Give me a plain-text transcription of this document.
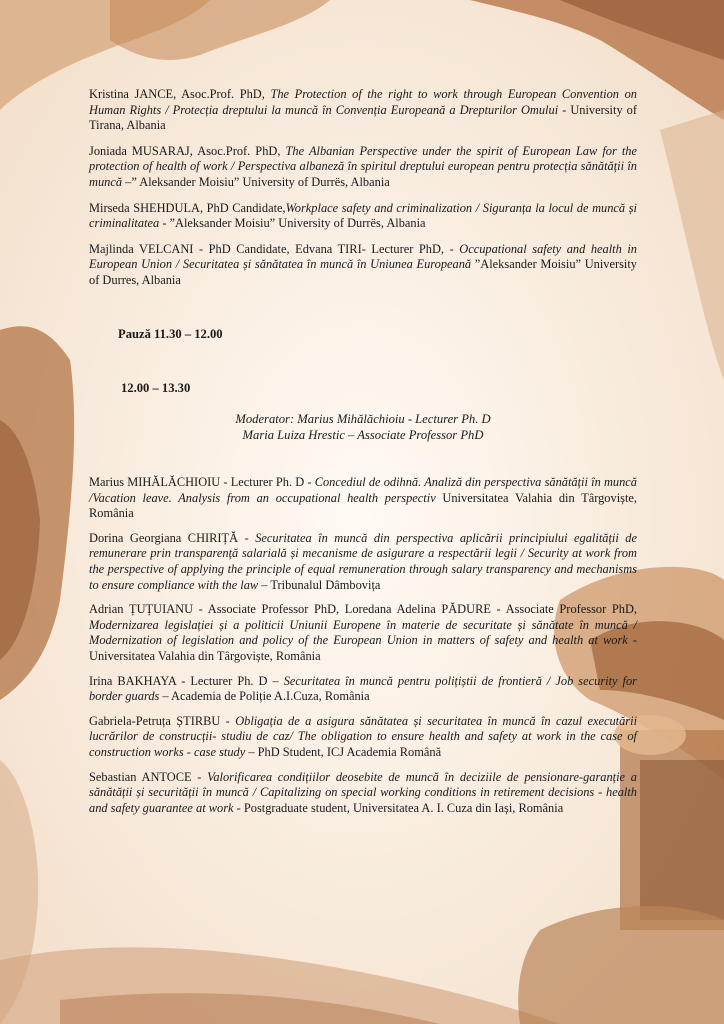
Kristina JANCE, Asoc.Prof. PhD, The Protection of the right to work through European Convention on Human Rights / Protecția dreptului la muncă în Convenția Europeană a Drepturilor Omului - University of Tirana, Albania

Joniada MUSARAJ, Asoc.Prof. PhD, The Albanian Perspective under the spirit of European Law for the protection of health of work / Perspectiva albaneză în spiritul dreptului european pentru protecția sănătății în muncă –” Aleksander Moisiu” University of Durrës, Albania

Mirseda SHEHDULA, PhD Candidate,Workplace safety and criminalization / Siguranța la locul de muncă și criminalitatea - ”Aleksander Moisiu” University of Durrës, Albania

Majlinda VELCANI - PhD Candidate, Edvana TIRI- Lecturer PhD, - Occupational safety and health in European Union / Securitatea și sănătatea în muncă în Uniunea Europeană ”Aleksander Moisiu” University of Durres, Albania

Pauză 11.30 – 12.00
12.00 – 13.30
Moderator: Marius Mihălăchioiu - Lecturer Ph. D
Maria Luiza Hrestic – Associate Professor PhD

Marius MIHĂLĂCHIOIU - Lecturer Ph. D - Concediul de odihnă. Analiză din perspectiva sănătății în muncă /Vacation leave. Analysis from an occupational health perspectiv Universitatea Valahia din Târgoviște, România

Dorina Georgiana CHIRIȚĂ - Securitatea în muncă din perspectiva aplicării principiului egalității de remunerare prin transparență salarială și mecanisme de asigurare a respectării legii / Security at work from the perspective of applying the principle of equal remuneration through salary transparency and mechanisms to ensure compliance with the law – Tribunalul Dâmbovița

Adrian ȚUȚUIANU - Associate Professor PhD, Loredana Adelina PĂDURE - Associate Professor PhD, Modernizarea legislației și a politicii Uniunii Europene în materie de securitate și sănătate în muncă / Modernization of legislation and policy of the European Union in matters of safety and health at work - Universitatea Valahia din Târgoviște, România

Irina BAKHAYA - Lecturer Ph. D – Securitatea în muncă pentru polițiștii de frontieră / Job security for border guards – Academia de Poliție A.I.Cuza, România

Gabriela-Petruța ȘTIRBU - Obligația de a asigura sănătatea și securitatea în muncă în cazul executării lucrărilor de construcții- studiu de caz/ The obligation to ensure health and safety at work in the case of construction works - case study – PhD Student, ICJ Academia Română

Sebastian ANTOCE - Valorificarea condițiilor deosebite de muncă în deciziile de pensionare-garanție a sănătății și securității în muncă / Capitalizing on special working conditions in retirement decisions - health and safety guarantee at work - Postgraduate student, Universitatea A. I. Cuza din Iași, România
